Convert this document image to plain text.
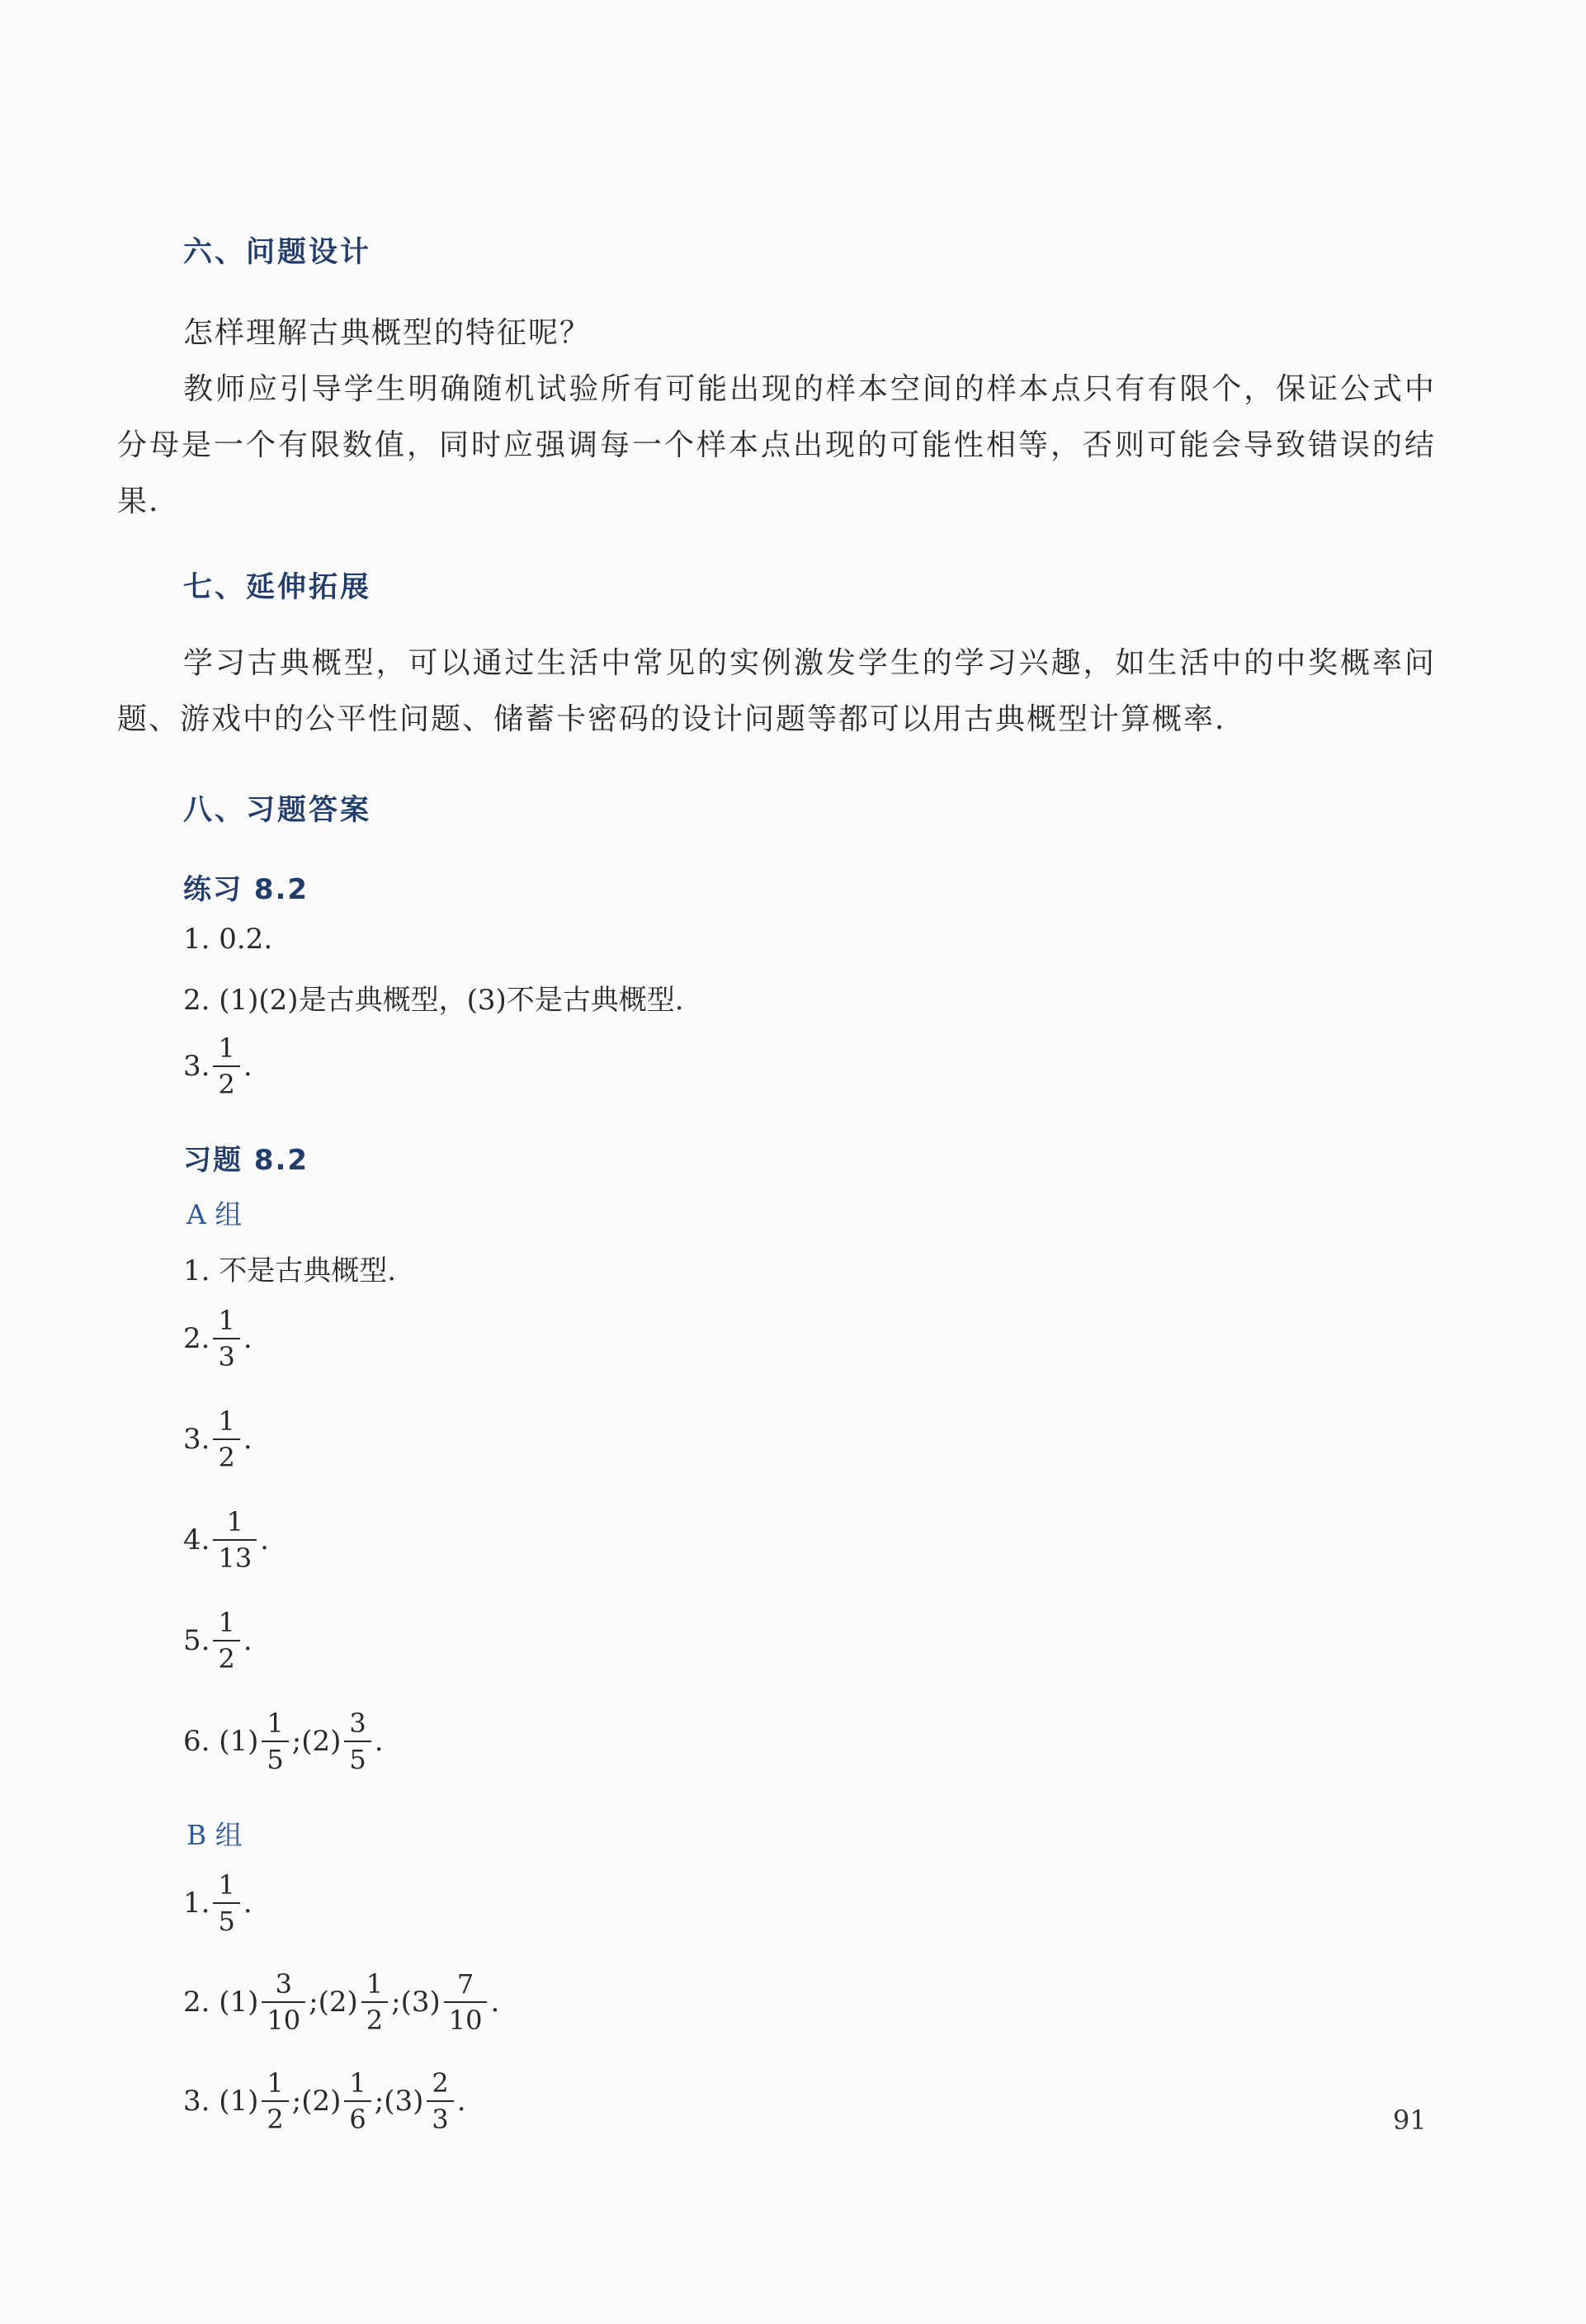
六、问题设计
怎样理解古典概型的特征呢？
教师应引导学生明确随机试验所有可能出现的样本空间的样本点只有有限个，保证公式中分母是一个有限数值，同时应强调每一个样本点出现的可能性相等，否则可能会导致错误的结果.
七、延伸拓展
学习古典概型，可以通过生活中常见的实例激发学生的学习兴趣，如生活中的中奖概率问题、游戏中的公平性问题、储蓄卡密码的设计问题等都可以用古典概型计算概率.
八、习题答案
练习 8.2
1. 0.2.
2. (1)(2)是古典概型，(3)不是古典概型.
3. $\frac{1}{2}$ .
习题 8.2
A 组
1. 不是古典概型.
2. $\frac{1}{3}$ .
3. $\frac{1}{2}$ .
4. $\frac{1}{13}$ .
5. $\frac{1}{2}$ .
6. $(1) \frac{1}{5}$ ;(2) $\frac{3}{5}$ .
B 组
1. $\frac{1}{5}$ .
2. $(1) \frac{3}{10}$ ;(2) $\frac{1}{2}$ ;(3) $\frac{7}{10}$ .
3. $(1) \frac{1}{2}$ ;(2) $\frac{1}{6}$ ;(3) $\frac{2}{3}$ .
91
